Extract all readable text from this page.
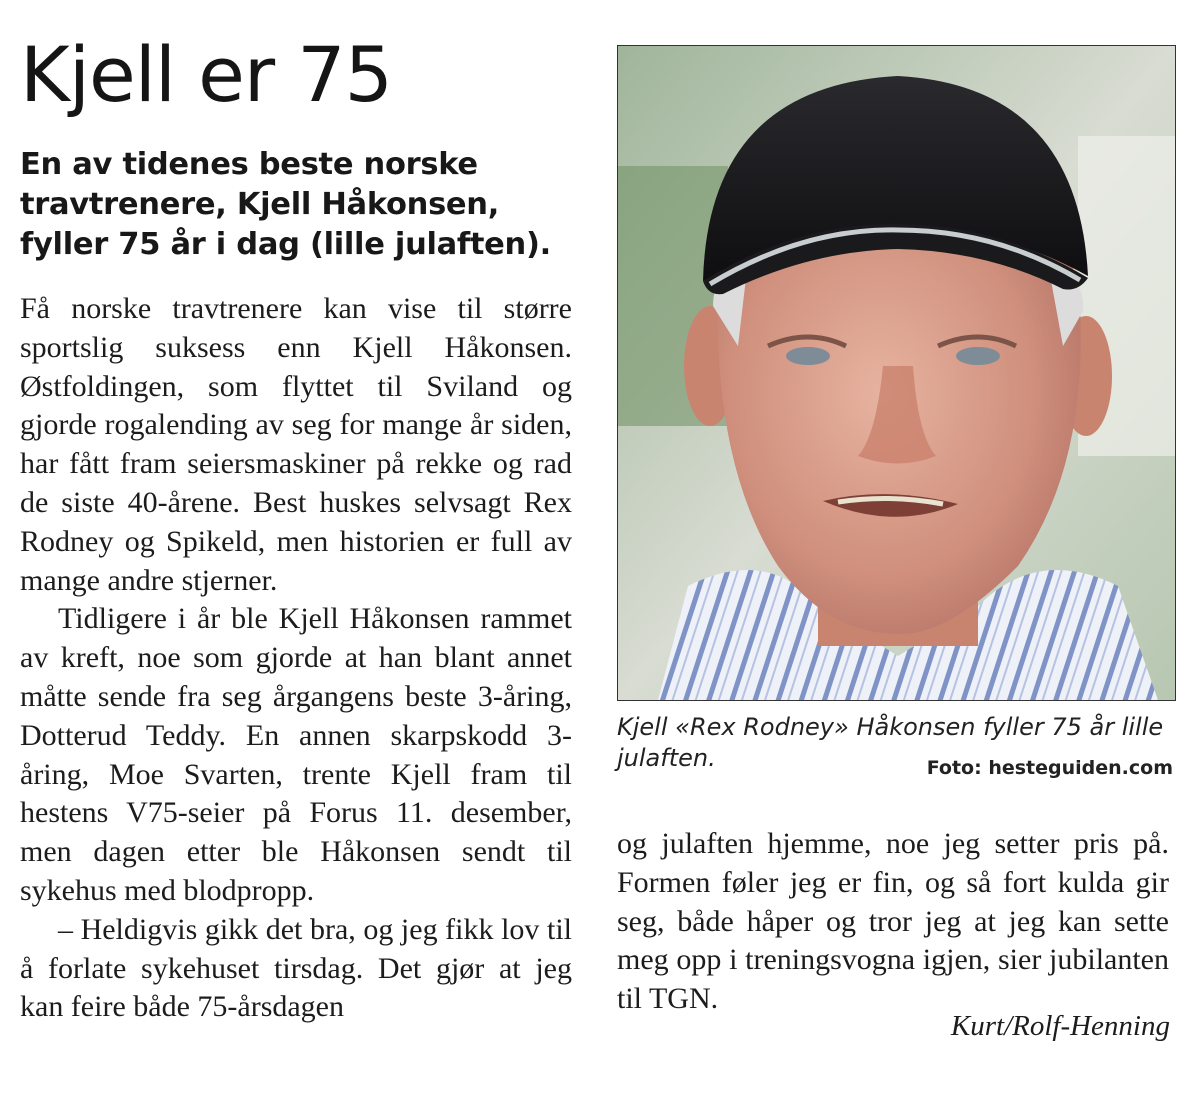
Kjell er 75

En av tidenes beste norske travtrenere, Kjell Håkonsen, fyller 75 år i dag (lille julaften).

Få norske travtrenere kan vise til større sportslig suksess enn Kjell Håkonsen. Østfoldingen, som flyttet til Sviland og gjorde rogalending av seg for mange år siden, har fått fram seiersmaskiner på rekke og rad de siste 40-årene. Best huskes selvsagt Rex Rodney og Spikeld, men historien er full av mange andre stjerner.

Tidligere i år ble Kjell Håkonsen rammet av kreft, noe som gjorde at han blant annet måtte sende fra seg årgangens beste 3-åring, Dotterud Teddy. En annen skarpskodd 3-åring, Moe Svarten, trente Kjell fram til hestens V75-seier på Forus 11. desember, men dagen etter ble Håkonsen sendt til sykehus med blodpropp.

– Heldigvis gikk det bra, og jeg fikk lov til å forlate sykehuset tirsdag. Det gjør at jeg kan feire både 75-årsdagen

Kjell «Rex Rodney» Håkonsen fyller 75 år lille julaften.	Foto: hesteguiden.com

og julaften hjemme, noe jeg setter pris på. Formen føler jeg er fin, og så fort kulda gir seg, både håper og tror jeg at jeg kan sette meg opp i treningsvogna igjen, sier jubilanten til TGN.

Kurt/Rolf-Henning
